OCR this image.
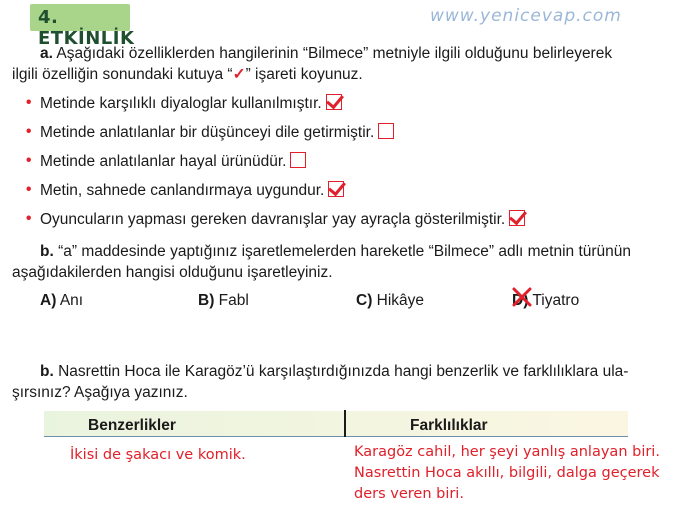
4. ETKİNLİK
www.yenicevap.com
a. Aşağıdaki özelliklerden hangilerinin “Bilmece” metniyle ilgili olduğunu belirleyerek
ilgili özelliğin sonundaki kutuya “✓” işareti koyunuz.
• Metinde karşılıklı diyaloglar kullanılmıştır.
• Metinde anlatılanlar bir düşünceyi dile getirmiştir.
• Metinde anlatılanlar hayal ürünüdür.
• Metin, sahnede canlandırmaya uygundur.
• Oyuncuların yapması gereken davranışlar yay ayraçla gösterilmiştir.
b. “a” maddesinde yaptığınız işaretlemelerden hareketle “Bilmece” adlı metnin türünün
aşağıdakilerden hangisi olduğunu işaretleyiniz.
A) Anı	B) Fabl	C) Hikâye	D) Tiyatro
b. Nasrettin Hoca ile Karagöz’ü karşılaştırdığınızda hangi benzerlik ve farklılıklara ula-
şırsınız? Aşağıya yazınız.
Benzerlikler	Farklılıklar
İkisi de şakacı ve komik.	Karagöz cahil, her şeyi yanlış anlayan biri.
Nasrettin Hoca akıllı, bilgili, dalga geçerek
ders veren biri.
